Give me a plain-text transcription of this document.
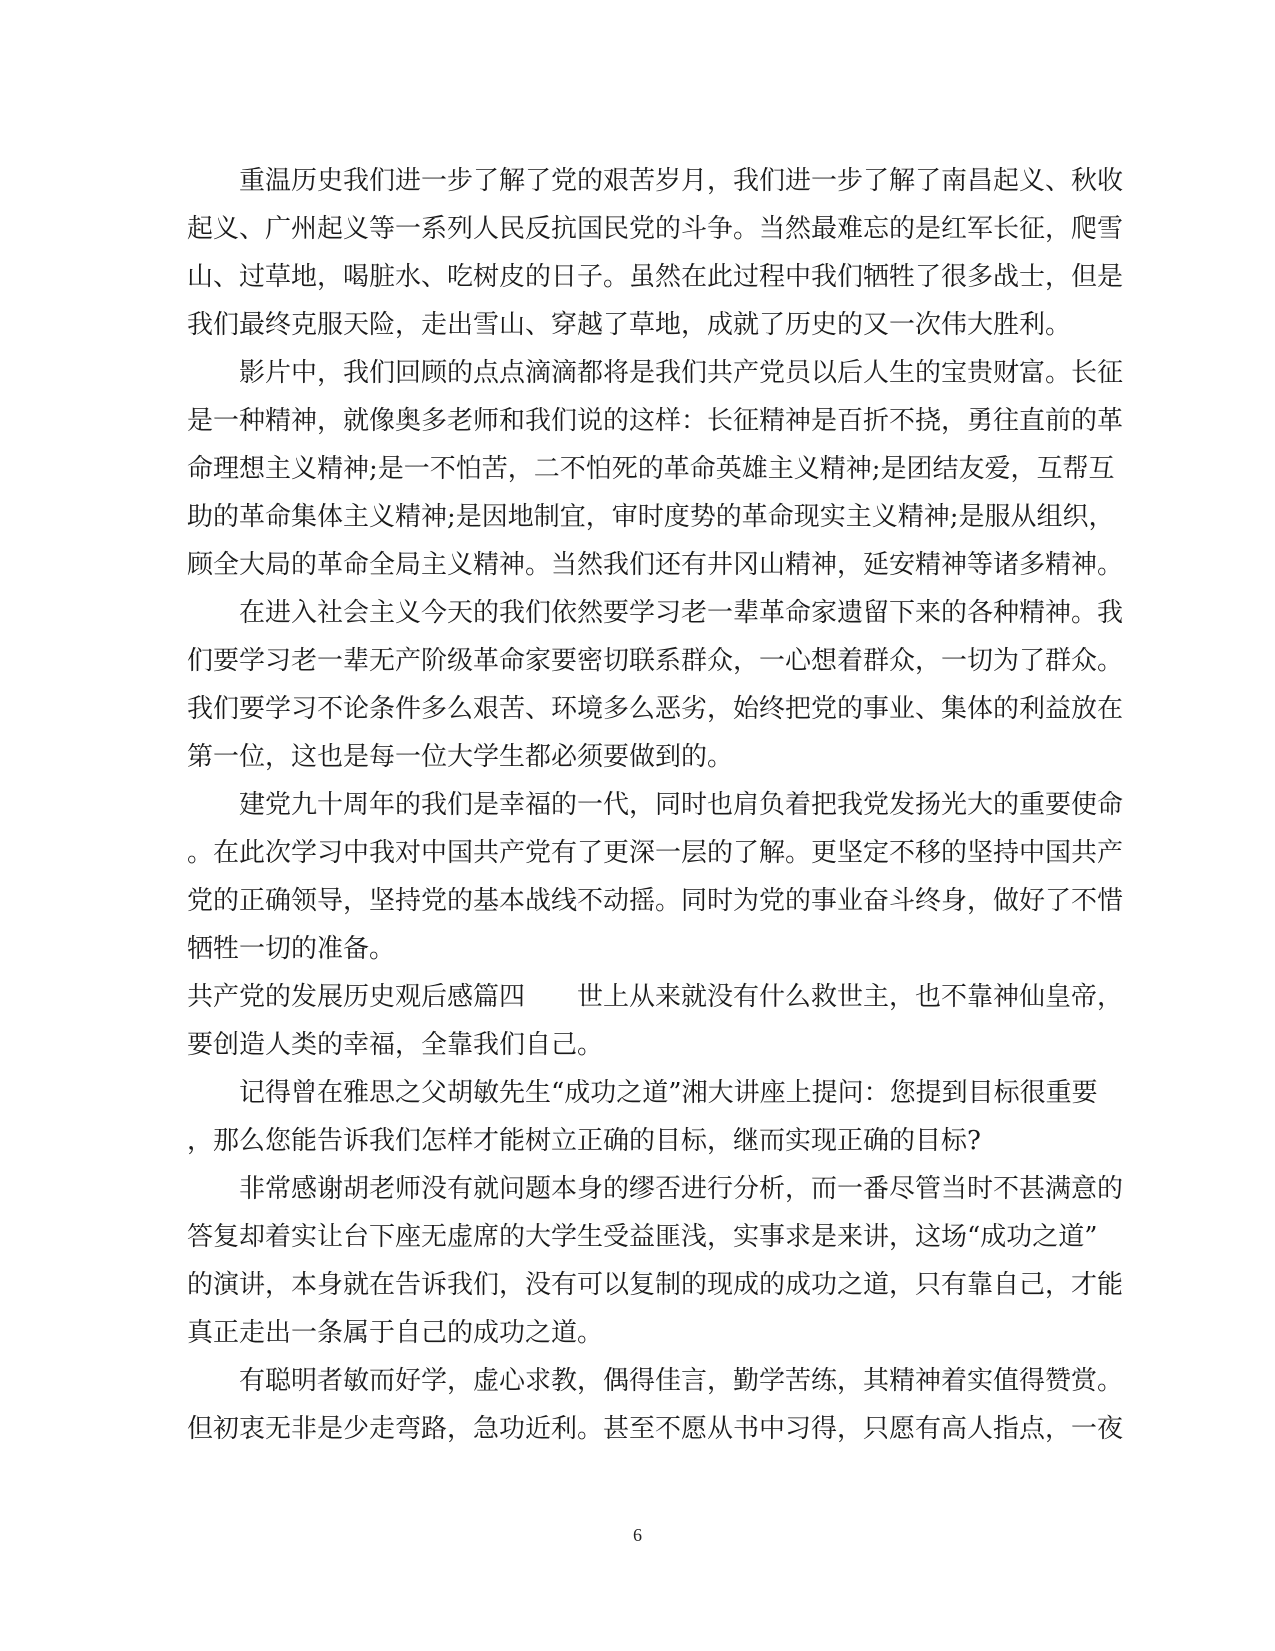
重温历史我们进一步了解了党的艰苦岁月，我们进一步了解了南昌起义、秋收
起义、广州起义等一系列人民反抗国民党的斗争。当然最难忘的是红军长征，爬雪
山、过草地，喝脏水、吃树皮的日子。虽然在此过程中我们牺牲了很多战士，但是
我们最终克服天险，走出雪山、穿越了草地，成就了历史的又一次伟大胜利。
影片中，我们回顾的点点滴滴都将是我们共产党员以后人生的宝贵财富。长征
是一种精神，就像奥多老师和我们说的这样：长征精神是百折不挠，勇往直前的革
命理想主义精神;是一不怕苦，二不怕死的革命英雄主义精神;是团结友爱，互帮互
助的革命集体主义精神;是因地制宜，审时度势的革命现实主义精神;是服从组织，
顾全大局的革命全局主义精神。当然我们还有井冈山精神，延安精神等诸多精神。
在进入社会主义今天的我们依然要学习老一辈革命家遗留下来的各种精神。我
们要学习老一辈无产阶级革命家要密切联系群众，一心想着群众，一切为了群众。
我们要学习不论条件多么艰苦、环境多么恶劣，始终把党的事业、集体的利益放在
第一位，这也是每一位大学生都必须要做到的。
建党九十周年的我们是幸福的一代，同时也肩负着把我党发扬光大的重要使命
。在此次学习中我对中国共产党有了更深一层的了解。更坚定不移的坚持中国共产
党的正确领导，坚持党的基本战线不动摇。同时为党的事业奋斗终身，做好了不惜
牺牲一切的准备。
共产党的发展历史观后感篇四　　世上从来就没有什么救世主，也不靠神仙皇帝，
要创造人类的幸福，全靠我们自己。
记得曾在雅思之父胡敏先生“成功之道”湘大讲座上提问：您提到目标很重要
，那么您能告诉我们怎样才能树立正确的目标，继而实现正确的目标?
非常感谢胡老师没有就问题本身的缪否进行分析，而一番尽管当时不甚满意的
答复却着实让台下座无虚席的大学生受益匪浅，实事求是来讲，这场“成功之道”
的演讲，本身就在告诉我们，没有可以复制的现成的成功之道，只有靠自己，才能
真正走出一条属于自己的成功之道。
有聪明者敏而好学，虚心求教，偶得佳言，勤学苦练，其精神着实值得赞赏。
但初衷无非是少走弯路，急功近利。甚至不愿从书中习得，只愿有高人指点，一夜
6
